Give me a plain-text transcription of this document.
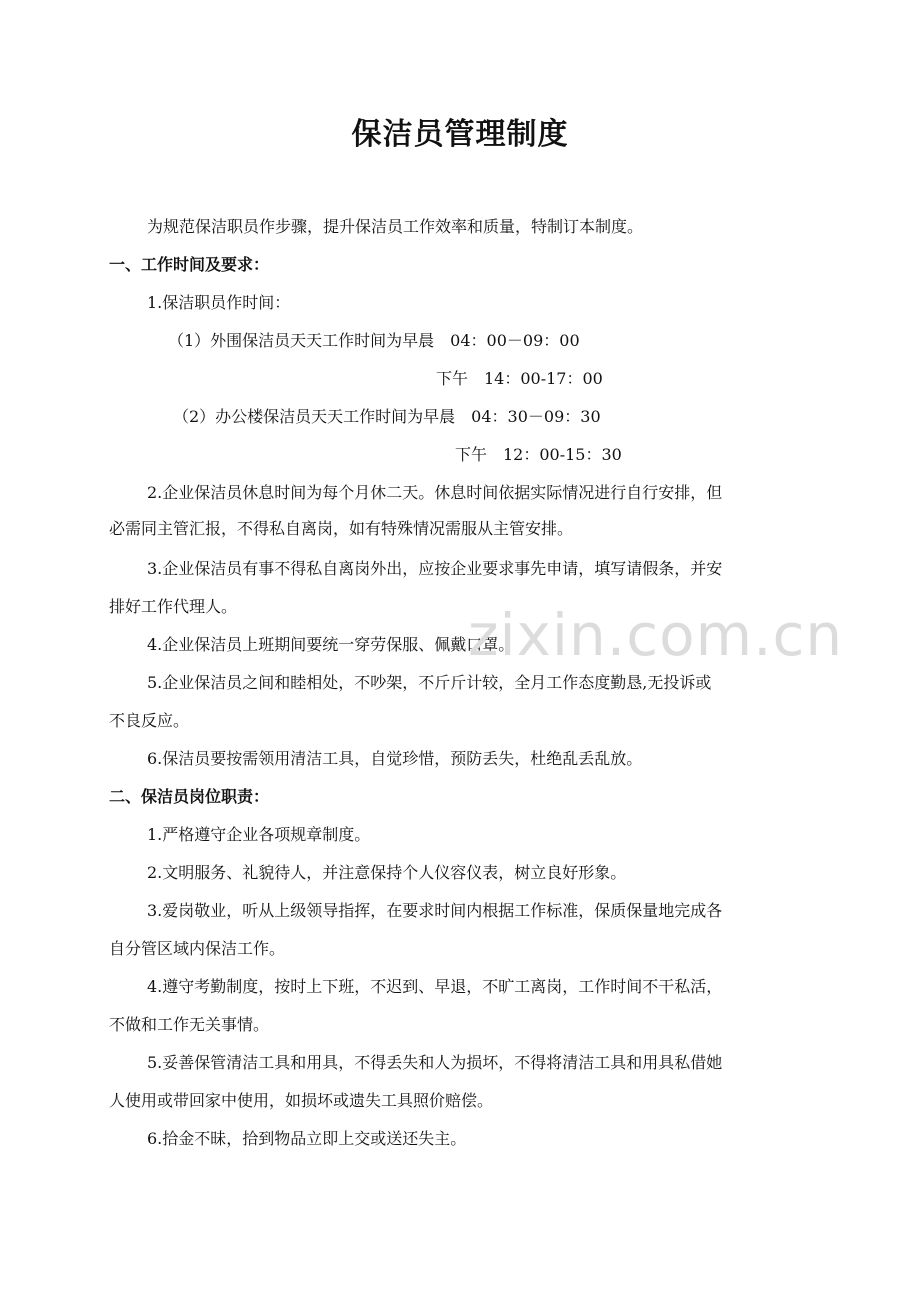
保洁员管理制度
为规范保洁职员作步骤，提升保洁员工作效率和质量，特制订本制度。
一、工作时间及要求：
1.保洁职员作时间：
（1）外围保洁员天天工作时间为早晨　04：00－09：00
下午　14：00-17：00
（2）办公楼保洁员天天工作时间为早晨　04：30－09：30
下午　12：00-15：30
2.企业保洁员休息时间为每个月休二天。休息时间依据实际情况进行自行安排，但
必需同主管汇报，不得私自离岗，如有特殊情况需服从主管安排。
3.企业保洁员有事不得私自离岗外出，应按企业要求事先申请，填写请假条，并安
排好工作代理人。
4.企业保洁员上班期间要统一穿劳保服、佩戴口罩。
5.企业保洁员之间和睦相处，不吵架，不斤斤计较，全月工作态度勤恳,无投诉或
不良反应。
6.保洁员要按需领用清洁工具，自觉珍惜，预防丢失，杜绝乱丢乱放。
二、保洁员岗位职责：
1.严格遵守企业各项规章制度。
2.文明服务、礼貌待人，并注意保持个人仪容仪表，树立良好形象。
3.爱岗敬业，听从上级领导指挥，在要求时间内根据工作标准，保质保量地完成各
自分管区域内保洁工作。
4.遵守考勤制度，按时上下班，不迟到、早退，不旷工离岗，工作时间不干私活，
不做和工作无关事情。
5.妥善保管清洁工具和用具，不得丢失和人为损坏，不得将清洁工具和用具私借她
人使用或带回家中使用，如损坏或遗失工具照价赔偿。
6.拾金不昧，拾到物品立即上交或送还失主。
zixin.com.cn
